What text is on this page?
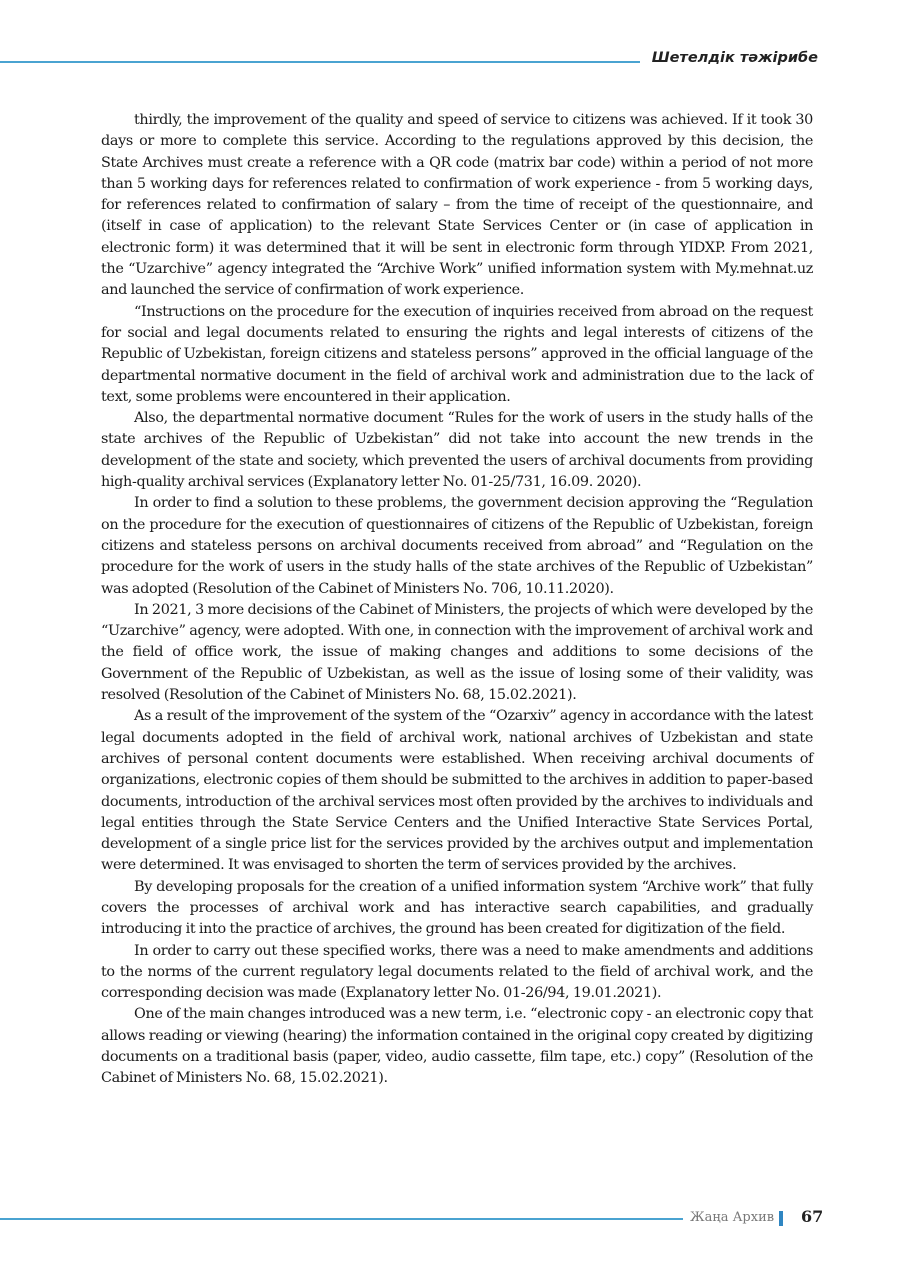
Шетелдік тәжірибе

thirdly, the improvement of the quality and speed of service to citizens was achieved. If it took 30 days or more to complete this service. According to the regulations approved by this decision, the State Archives must create a reference with a QR code (matrix bar code) within a period of not more than 5 working days for references related to confirmation of work experience - from 5 working days, for references related to confirmation of salary – from the time of receipt of the questionnaire, and (itself in case of application) to the relevant State Services Center or (in case of application in electronic form) it was determined that it will be sent in electronic form through YIDXP. From 2021, the “Uzarchive” agency integrated the “Archive Work” unified information system with My.mehnat.uz and launched the service of confirmation of work experience.

“Instructions on the procedure for the execution of inquiries received from abroad on the request for social and legal documents related to ensuring the rights and legal interests of citizens of the Republic of Uzbekistan, foreign citizens and stateless persons” approved in the official language of the departmental normative document in the field of archival work and administration due to the lack of text, some problems were encountered in their application.

Also, the departmental normative document “Rules for the work of users in the study halls of the state archives of the Republic of Uzbekistan” did not take into account the new trends in the development of the state and society, which prevented the users of archival documents from providing high-quality archival services (Explanatory letter No. 01-25/731, 16.09. 2020).

In order to find a solution to these problems, the government decision approving the “Regulation on the procedure for the execution of questionnaires of citizens of the Republic of Uzbekistan, foreign citizens and stateless persons on archival documents received from abroad” and “Regulation on the procedure for the work of users in the study halls of the state archives of the Republic of Uzbekistan” was adopted (Resolution of the Cabinet of Ministers No. 706, 10.11.2020).

In 2021, 3 more decisions of the Cabinet of Ministers, the projects of which were developed by the “Uzarchive” agency, were adopted. With one, in connection with the improvement of archival work and the field of office work, the issue of making changes and additions to some decisions of the Government of the Republic of Uzbekistan, as well as the issue of losing some of their validity, was resolved (Resolution of the Cabinet of Ministers No. 68, 15.02.2021).

As a result of the improvement of the system of the “Ozarxiv” agency in accordance with the latest legal documents adopted in the field of archival work, national archives of Uzbekistan and state archives of personal content documents were established. When receiving archival documents of organizations, electronic copies of them should be submitted to the archives in addition to paper-based documents, introduction of the archival services most often provided by the archives to individuals and legal entities through the State Service Centers and the Unified Interactive State Services Portal, development of a single price list for the services provided by the archives output and implementation were determined. It was envisaged to shorten the term of services provided by the archives.

By developing proposals for the creation of a unified information system “Archive work” that fully covers the processes of archival work and has interactive search capabilities, and gradually introducing it into the practice of archives, the ground has been created for digitization of the field.

In order to carry out these specified works, there was a need to make amendments and additions to the norms of the current regulatory legal documents related to the field of archival work, and the corresponding decision was made (Explanatory letter No. 01-26/94, 19.01.2021).

One of the main changes introduced was a new term, i.e. “electronic copy - an electronic copy that allows reading or viewing (hearing) the information contained in the original copy created by digitizing documents on a traditional basis (paper, video, audio cassette, film tape, etc.) copy” (Resolution of the Cabinet of Ministers No. 68, 15.02.2021).

Жаңа Архив 67
